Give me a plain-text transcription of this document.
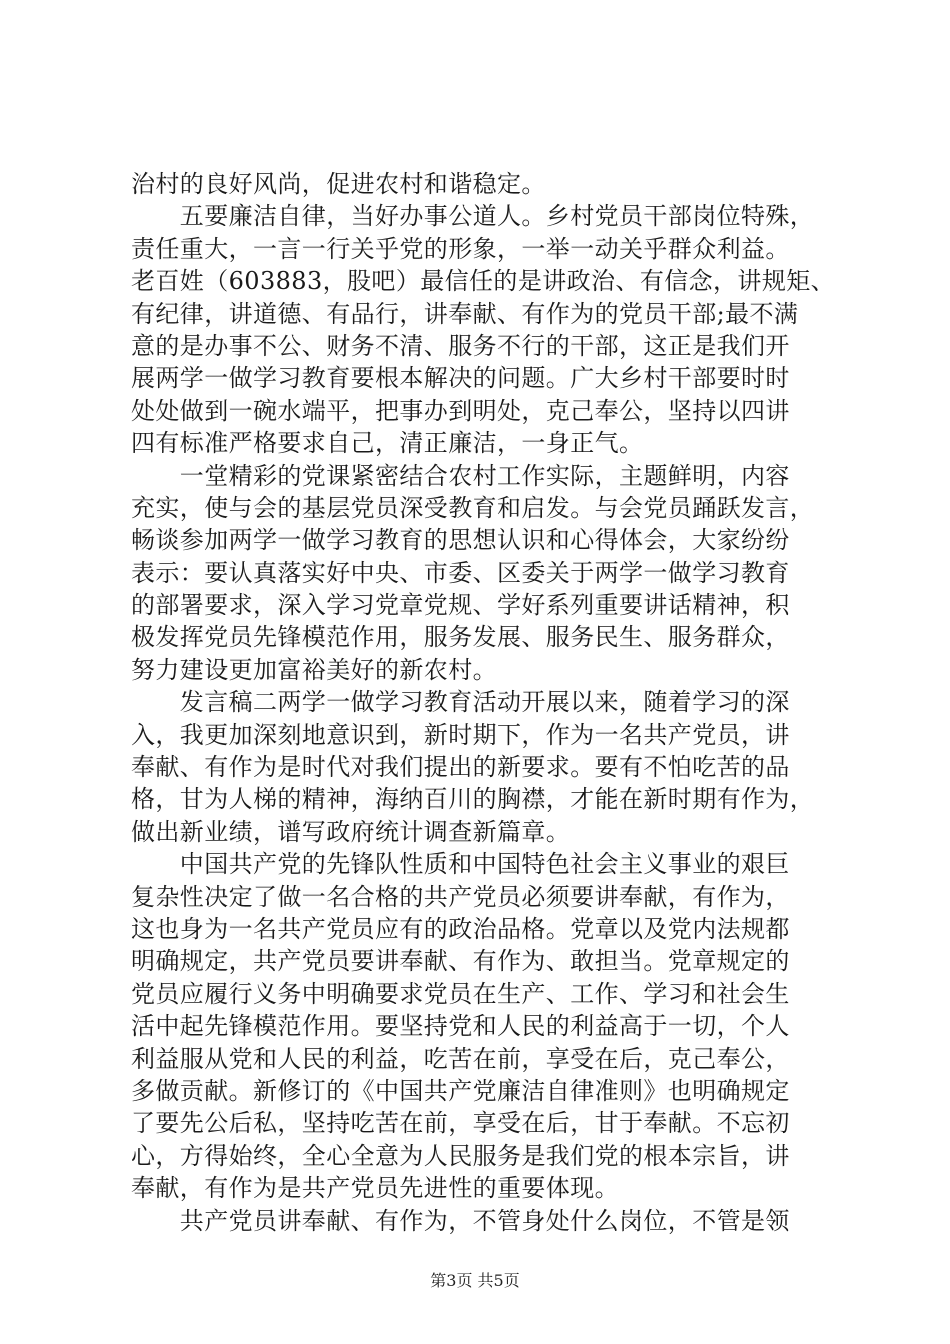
治村的良好风尚，促进农村和谐稳定。
　　五要廉洁自律，当好办事公道人。乡村党员干部岗位特殊，
责任重大，一言一行关乎党的形象，一举一动关乎群众利益。
老百姓（603883，股吧）最信任的是讲政治、有信念，讲规矩、
有纪律，讲道德、有品行，讲奉献、有作为的党员干部;最不满
意的是办事不公、财务不清、服务不行的干部，这正是我们开
展两学一做学习教育要根本解决的问题。广大乡村干部要时时
处处做到一碗水端平，把事办到明处，克己奉公，坚持以四讲
四有标准严格要求自己，清正廉洁，一身正气。
　　一堂精彩的党课紧密结合农村工作实际，主题鲜明，内容
充实，使与会的基层党员深受教育和启发。与会党员踊跃发言，
畅谈参加两学一做学习教育的思想认识和心得体会，大家纷纷
表示：要认真落实好中央、市委、区委关于两学一做学习教育
的部署要求，深入学习党章党规、学好系列重要讲话精神，积
极发挥党员先锋模范作用，服务发展、服务民生、服务群众，
努力建设更加富裕美好的新农村。
　　发言稿二两学一做学习教育活动开展以来，随着学习的深
入，我更加深刻地意识到，新时期下，作为一名共产党员，讲
奉献、有作为是时代对我们提出的新要求。要有不怕吃苦的品
格，甘为人梯的精神，海纳百川的胸襟，才能在新时期有作为，
做出新业绩，谱写政府统计调查新篇章。
　　中国共产党的先锋队性质和中国特色社会主义事业的艰巨
复杂性决定了做一名合格的共产党员必须要讲奉献，有作为，
这也身为一名共产党员应有的政治品格。党章以及党内法规都
明确规定，共产党员要讲奉献、有作为、敢担当。党章规定的
党员应履行义务中明确要求党员在生产、工作、学习和社会生
活中起先锋模范作用。要坚持党和人民的利益高于一切，个人
利益服从党和人民的利益，吃苦在前，享受在后，克己奉公，
多做贡献。新修订的《中国共产党廉洁自律准则》也明确规定
了要先公后私，坚持吃苦在前，享受在后，甘于奉献。不忘初
心，方得始终，全心全意为人民服务是我们党的根本宗旨，讲
奉献，有作为是共产党员先进性的重要体现。
　　共产党员讲奉献、有作为，不管身处什么岗位，不管是领
第3页 共5页
